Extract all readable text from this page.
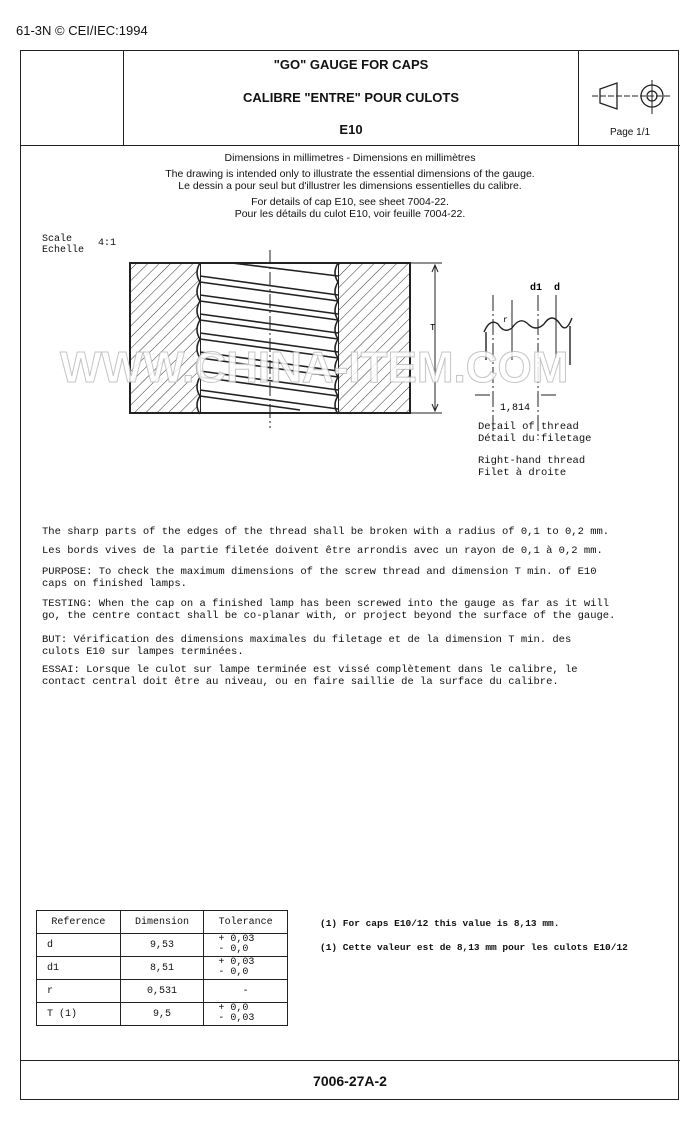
61-3N © CEI/IEC:1994
"GO" GAUGE FOR CAPS
CALIBRE "ENTRE" POUR CULOTS
E10	Page 1/1
Dimensions in millimetres - Dimensions en millimètres
The drawing is intended only to illustrate the essential dimensions of the gauge.
Le dessin a pour seul but d'illustrer les dimensions essentielles du calibre.
For details of cap E10, see sheet 7004-22.
Pour les détails du culot E10, voir feuille 7004-22.
Scale
Echelle
4:1
T
d1 d
r
1,814
WWW.CHINA-ITEM.COM
Detail of thread
Détail du filetage
Right-hand thread
Filet à droite
The sharp parts of the edges of the thread shall be broken with a radius of 0,1 to 0,2 mm.
Les bords vives de la partie filetée doivent être arrondis avec un rayon de 0,1 à 0,2 mm.
PURPOSE: To check the maximum dimensions of the screw thread and dimension T min. of E10 caps on finished lamps.
TESTING: When the cap on a finished lamp has been screwed into the gauge as far as it will go, the centre contact shall be co-planar with, or project beyond the surface of the gauge.
BUT: Vérification des dimensions maximales du filetage et de la dimension T min. des culots E10 sur lampes terminées.
ESSAI: Lorsque le culot sur lampe terminée est vissé complètement dans le calibre, le contact central doit être au niveau, ou en faire saillie de la surface du calibre.
Reference	Dimension	Tolerance
d	9,53	+ 0,03
- 0,0

d1	8,51	+ 0,03
- 0,0

r	0,531	-

T (1)	9,5	+ 0,0
- 0,03
(1) For caps E10/12 this value is 8,13 mm.
(1) Cette valeur est de 8,13 mm pour les culots E10/12
7006-27A-2
